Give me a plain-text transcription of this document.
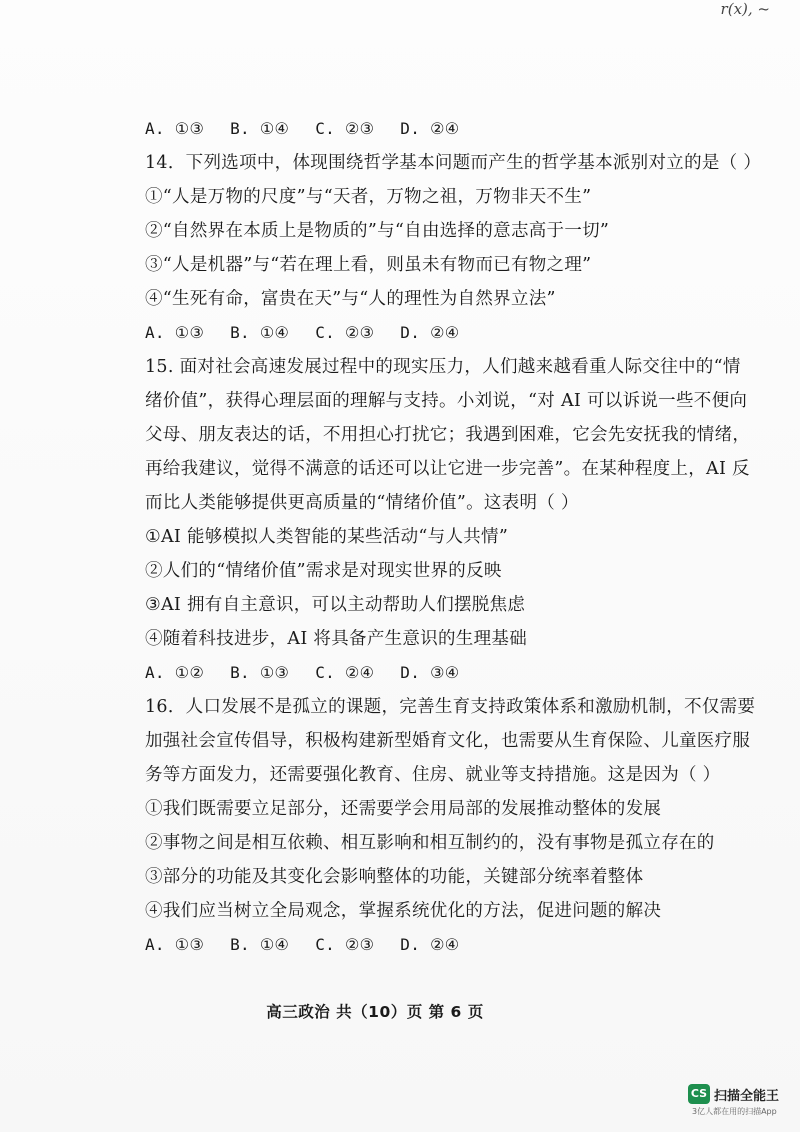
r(x), ~
A. ①③ B. ①④ C. ②③ D. ②④
14．下列选项中，体现围绕哲学基本问题而产生的哲学基本派别对立的是（ ）
①“人是万物的尺度”与“天者，万物之祖，万物非天不生”
②“自然界在本质上是物质的”与“自由选择的意志高于一切”
③“人是机器”与“若在理上看，则虽未有物而已有物之理”
④“生死有命，富贵在天”与“人的理性为自然界立法”
A. ①③ B. ①④ C. ②③ D. ②④
15. 面对社会高速发展过程中的现实压力，人们越来越看重人际交往中的“情
绪价值”，获得心理层面的理解与支持。小刘说，“对 AI 可以诉说一些不便向
父母、朋友表达的话，不用担心打扰它；我遇到困难，它会先安抚我的情绪，
再给我建议，觉得不满意的话还可以让它进一步完善”。在某种程度上，AI 反
而比人类能够提供更高质量的“情绪价值”。这表明（ ）
①AI 能够模拟人类智能的某些活动“与人共情”
②人们的“情绪价值”需求是对现实世界的反映
③AI 拥有自主意识，可以主动帮助人们摆脱焦虑
④随着科技进步，AI 将具备产生意识的生理基础
A. ①② B. ①③ C. ②④ D. ③④
16．人口发展不是孤立的课题，完善生育支持政策体系和激励机制，不仅需要
加强社会宣传倡导，积极构建新型婚育文化，也需要从生育保险、儿童医疗服
务等方面发力，还需要强化教育、住房、就业等支持措施。这是因为（ ）
①我们既需要立足部分，还需要学会用局部的发展推动整体的发展
②事物之间是相互依赖、相互影响和相互制约的，没有事物是孤立存在的
③部分的功能及其变化会影响整体的功能，关键部分统率着整体
④我们应当树立全局观念，掌握系统优化的方法，促进问题的解决
A. ①③ B. ①④ C. ②③ D. ②④
高三政治 共（10）页 第 6 页
CS 扫描全能王
3亿人都在用的扫描App
